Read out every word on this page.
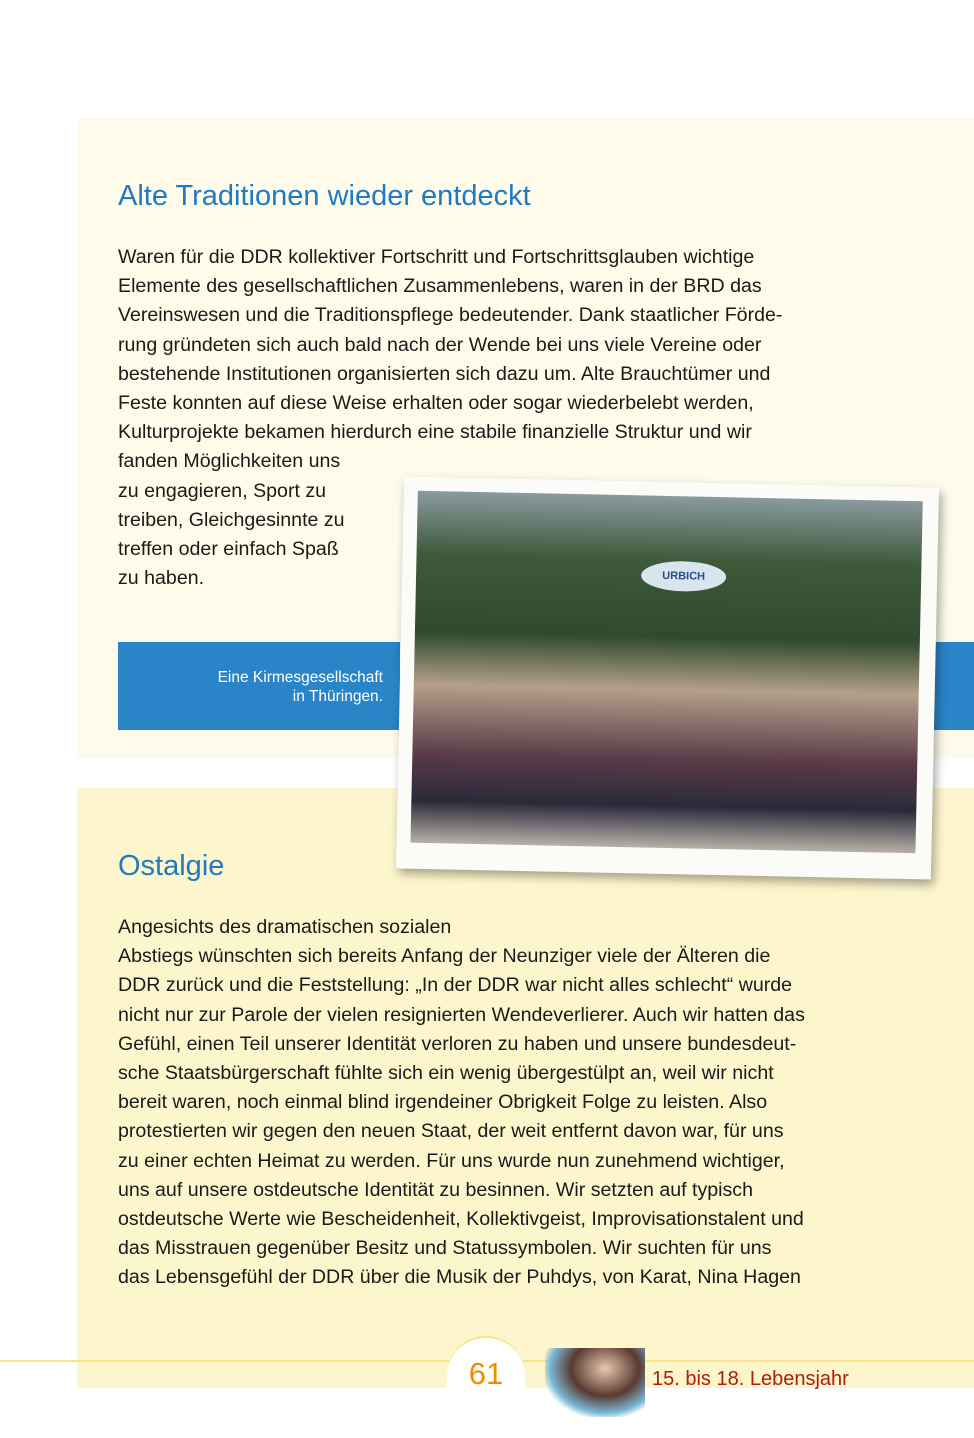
Alte Traditionen wieder entdeckt
Waren für die DDR kollektiver Fortschritt und Fortschrittsglauben wichtige
Elemente des gesellschaftlichen Zusammenlebens, waren in der BRD das
Vereinswesen und die Traditionspflege bedeutender. Dank staatlicher Förde-
rung gründeten sich auch bald nach der Wende bei uns viele Vereine oder
bestehende Institutionen organisierten sich dazu um. Alte Brauchtümer und
Feste konnten auf diese Weise erhalten oder sogar wiederbelebt werden,
Kulturprojekte bekamen hierdurch eine stabile finanzielle Struktur und wir
fanden Möglichkeiten uns
zu engagieren, Sport zu
treiben, Gleichgesinnte zu
treffen oder einfach Spaß
zu haben.
Eine Kirmesgesellschaft
in Thüringen.
Ostalgie
Angesichts des dramatischen sozialen
Abstiegs wünschten sich bereits Anfang der Neunziger viele der Älteren die
DDR zurück und die Feststellung: „In der DDR war nicht alles schlecht“ wurde
nicht nur zur Parole der vielen resignierten Wendeverlierer. Auch wir hatten das
Gefühl, einen Teil unserer Identität verloren zu haben und unsere bundesdeut-
sche Staatsbürgerschaft fühlte sich ein wenig übergestülpt an, weil wir nicht
bereit waren, noch einmal blind irgendeiner Obrigkeit Folge zu leisten. Also
protestierten wir gegen den neuen Staat, der weit entfernt davon war, für uns
zu einer echten Heimat zu werden. Für uns wurde nun zunehmend wichtiger,
uns auf unsere ostdeutsche Identität zu besinnen. Wir setzten auf typisch
ostdeutsche Werte wie Bescheidenheit, Kollektivgeist, Improvisationstalent und
das Misstrauen gegenüber Besitz und Statussymbolen. Wir suchten für uns
das Lebensgefühl der DDR über die Musik der Puhdys, von Karat, Nina Hagen
URBICH
61	15. bis 18. Lebensjahr
